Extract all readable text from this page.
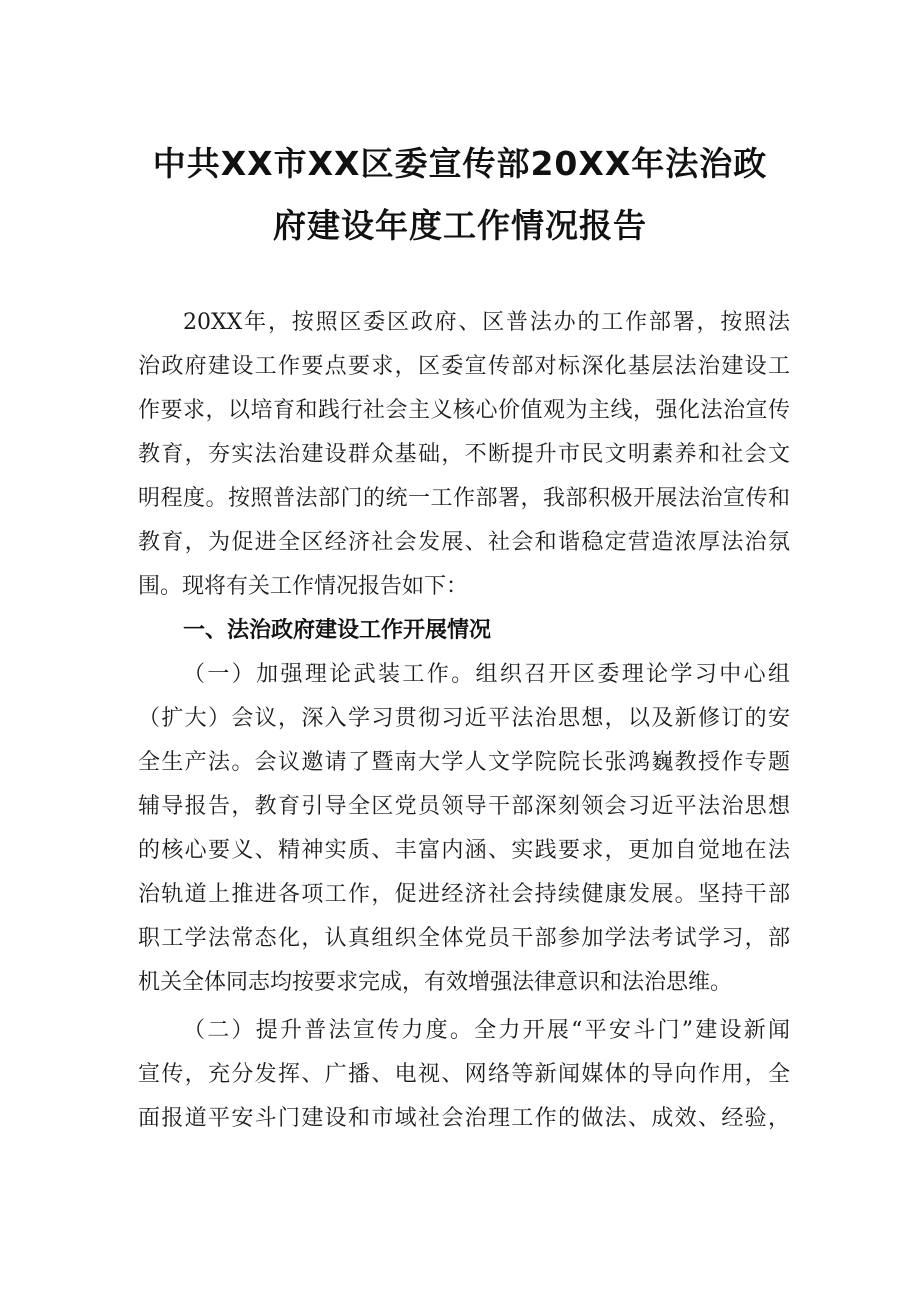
中共XX市XX区委宣传部20XX年法治政
府建设年度工作情况报告
20XX年，按照区委区政府、区普法办的工作部署，按照法
治政府建设工作要点要求，区委宣传部对标深化基层法治建设工
作要求，以培育和践行社会主义核心价值观为主线，强化法治宣传
教育，夯实法治建设群众基础，不断提升市民文明素养和社会文
明程度。按照普法部门的统一工作部署，我部积极开展法治宣传和
教育，为促进全区经济社会发展、社会和谐稳定营造浓厚法治氛
围。现将有关工作情况报告如下：
一、法治政府建设工作开展情况
（一）加强理论武装工作。组织召开区委理论学习中心组
（扩大）会议，深入学习贯彻习近平法治思想，以及新修订的安
全生产法。会议邀请了暨南大学人文学院院长张鸿巍教授作专题
辅导报告，教育引导全区党员领导干部深刻领会习近平法治思想
的核心要义、精神实质、丰富内涵、实践要求，更加自觉地在法
治轨道上推进各项工作，促进经济社会持续健康发展。坚持干部
职工学法常态化，认真组织全体党员干部参加学法考试学习，部
机关全体同志均按要求完成，有效增强法律意识和法治思维。
（二）提升普法宣传力度。全力开展“平安斗门”建设新闻
宣传，充分发挥、广播、电视、网络等新闻媒体的导向作用，全
面报道平安斗门建设和市域社会治理工作的做法、成效、经验，
